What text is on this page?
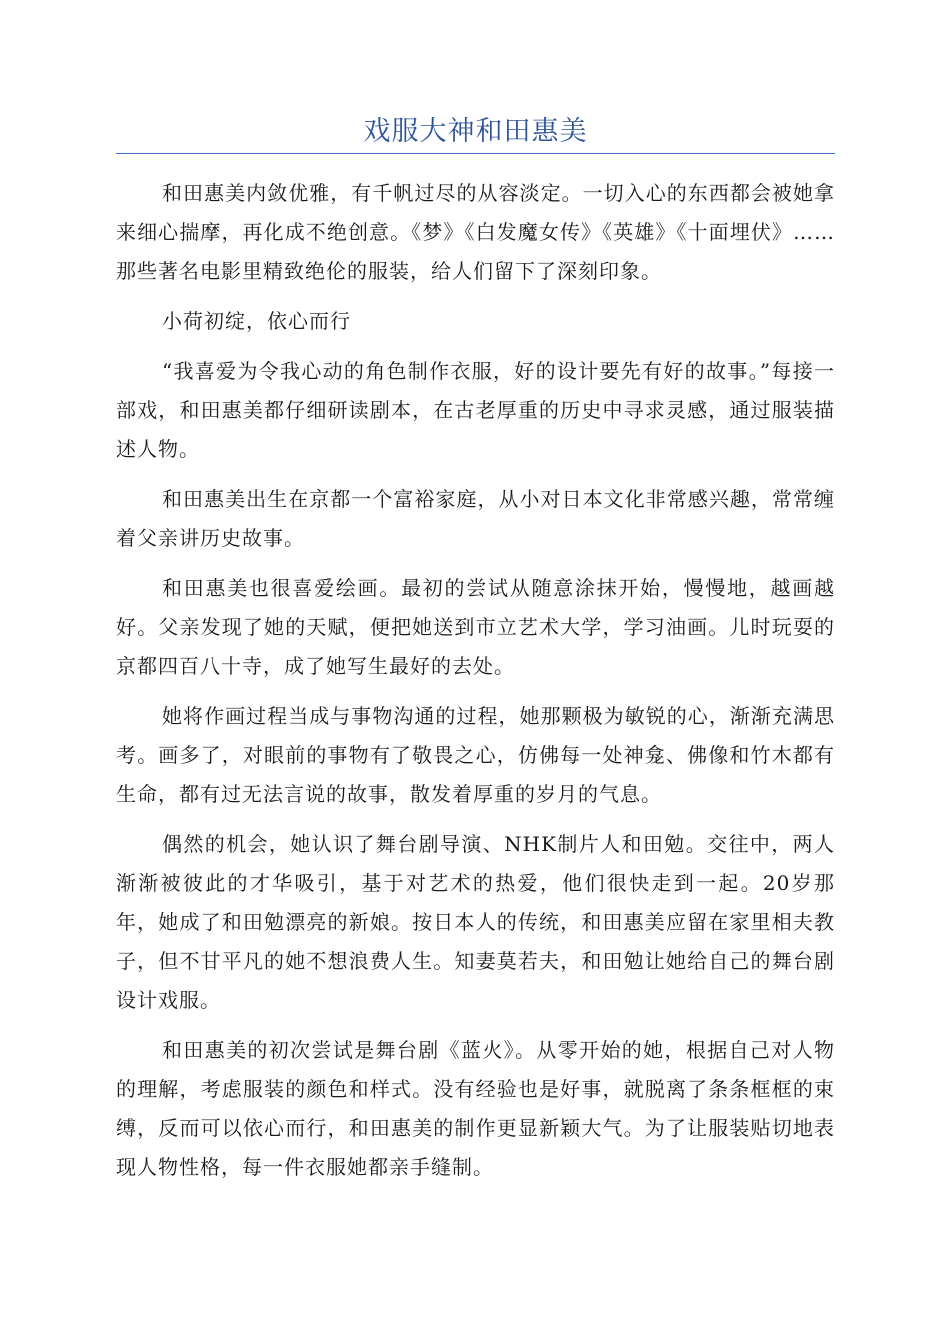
戏服大神和田惠美

和田惠美内敛优雅，有千帆过尽的从容淡定。一切入心的东西都会被她拿来细心揣摩，再化成不绝创意。《梦》《白发魔女传》《英雄》《十面埋伏》……那些著名电影里精致绝伦的服装，给人们留下了深刻印象。

小荷初绽，依心而行

“我喜爱为令我心动的角色制作衣服，好的设计要先有好的故事。”每接一部戏，和田惠美都仔细研读剧本，在古老厚重的历史中寻求灵感，通过服装描述人物。

和田惠美出生在京都一个富裕家庭，从小对日本文化非常感兴趣，常常缠着父亲讲历史故事。

和田惠美也很喜爱绘画。最初的尝试从随意涂抹开始，慢慢地，越画越好。父亲发现了她的天赋，便把她送到市立艺术大学，学习油画。儿时玩耍的京都四百八十寺，成了她写生最好的去处。

她将作画过程当成与事物沟通的过程，她那颗极为敏锐的心，渐渐充满思考。画多了，对眼前的事物有了敬畏之心，仿佛每一处神龛、佛像和竹木都有生命，都有过无法言说的故事，散发着厚重的岁月的气息。

偶然的机会，她认识了舞台剧导演、NHK制片人和田勉。交往中，两人渐渐被彼此的才华吸引，基于对艺术的热爱，他们很快走到一起。20岁那年，她成了和田勉漂亮的新娘。按日本人的传统，和田惠美应留在家里相夫教子，但不甘平凡的她不想浪费人生。知妻莫若夫，和田勉让她给自己的舞台剧设计戏服。

和田惠美的初次尝试是舞台剧《蓝火》。从零开始的她，根据自己对人物的理解，考虑服装的颜色和样式。没有经验也是好事，就脱离了条条框框的束缚，反而可以依心而行，和田惠美的制作更显新颖大气。为了让服装贴切地表现人物性格，每一件衣服她都亲手缝制。
